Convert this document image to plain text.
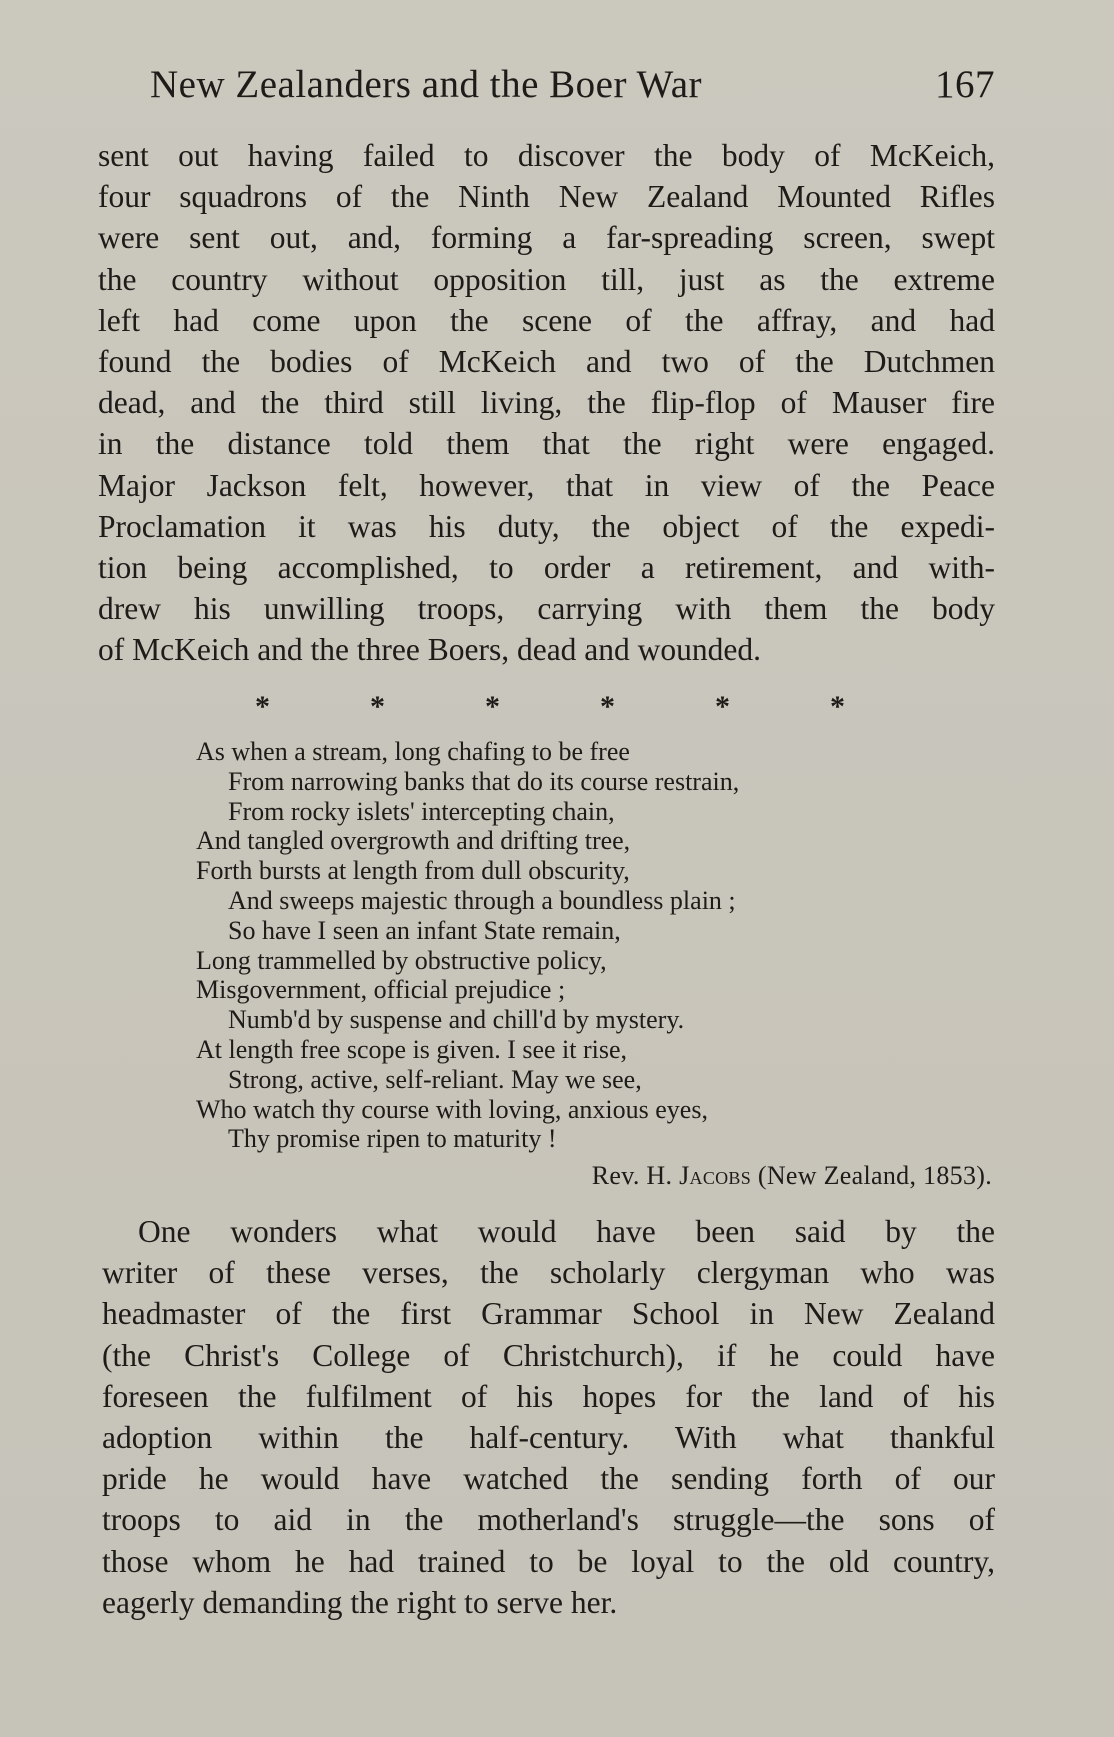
New Zealanders and the Boer War	167
sent out having failed to discover the body of McKeich,
four squadrons of the Ninth New Zealand Mounted Rifles
were sent out, and, forming a far-spreading screen, swept
the country without opposition till, just as the extreme
left had come upon the scene of the affray, and had
found the bodies of McKeich and two of the Dutchmen
dead, and the third still living, the flip-flop of Mauser fire
in the distance told them that the right were engaged.
Major Jackson felt, however, that in view of the Peace
Proclamation it was his duty, the object of the expedi-
tion being accomplished, to order a retirement, and with-
drew his unwilling troops, carrying with them the body
of McKeich and the three Boers, dead and wounded.
*	*	*	*	*	*
As when a stream, long chafing to be free
From narrowing banks that do its course restrain,
From rocky islets' intercepting chain,
And tangled overgrowth and drifting tree,
Forth bursts at length from dull obscurity,
And sweeps majestic through a boundless plain ;
So have I seen an infant State remain,
Long trammelled by obstructive policy,
Misgovernment, official prejudice ;
Numb'd by suspense and chill'd by mystery.
At length free scope is given. I see it rise,
Strong, active, self-reliant. May we see,
Who watch thy course with loving, anxious eyes,
Thy promise ripen to maturity !
Rev. H. Jacobs (New Zealand, 1853).
One wonders what would have been said by the
writer of these verses, the scholarly clergyman who was
headmaster of the first Grammar School in New Zealand
(the Christ's College of Christchurch), if he could have
foreseen the fulfilment of his hopes for the land of his
adoption within the half-century. With what thankful
pride he would have watched the sending forth of our
troops to aid in the motherland's struggle—the sons of
those whom he had trained to be loyal to the old country,
eagerly demanding the right to serve her.
